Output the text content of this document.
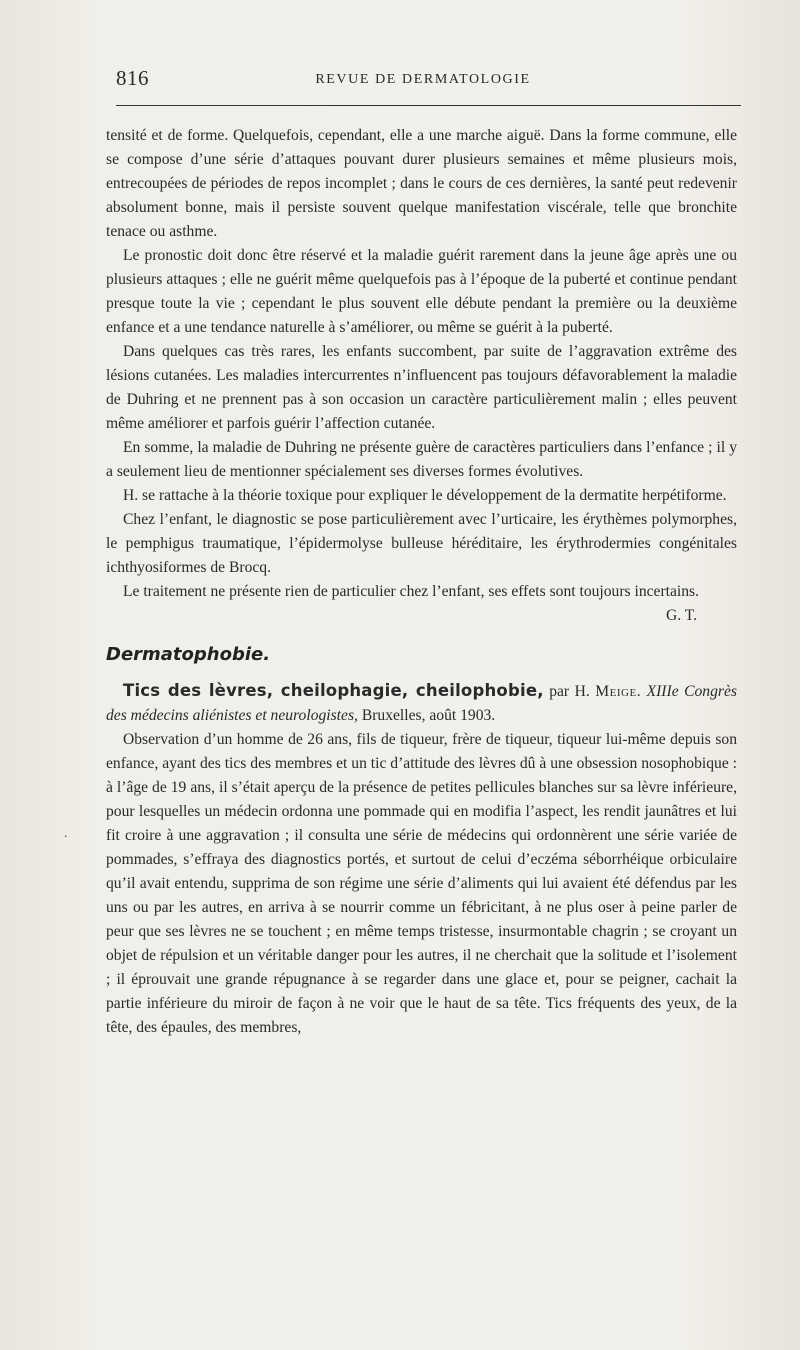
816	REVUE DE DERMATOLOGIE
.

tensité et de forme. Quelquefois, cependant, elle a une marche aiguë. Dans la forme commune, elle se compose d’une série d’attaques pouvant durer plusieurs semaines et même plusieurs mois, entrecoupées de périodes de repos incomplet ; dans le cours de ces dernières, la santé peut redevenir absolument bonne, mais il persiste souvent quelque manifestation viscérale, telle que bronchite tenace ou asthme.

Le pronostic doit donc être réservé et la maladie guérit rarement dans la jeune âge après une ou plusieurs attaques ; elle ne guérit même quelquefois pas à l’époque de la puberté et continue pendant presque toute la vie ; cependant le plus souvent elle débute pendant la première ou la deuxième enfance et a une tendance naturelle à s’améliorer, ou même se guérit à la puberté.

Dans quelques cas très rares, les enfants succombent, par suite de l’aggravation extrême des lésions cutanées. Les maladies intercurrentes n’influencent pas toujours défavorablement la maladie de Duhring et ne prennent pas à son occasion un caractère particulièrement malin ; elles peuvent même améliorer et parfois guérir l’affection cutanée.

En somme, la maladie de Duhring ne présente guère de caractères particuliers dans l’enfance ; il y a seulement lieu de mentionner spécialement ses diverses formes évolutives.

H. se rattache à la théorie toxique pour expliquer le développement de la dermatite herpétiforme.

Chez l’enfant, le diagnostic se pose particulièrement avec l’urticaire, les érythèmes polymorphes, le pemphigus traumatique, l’épidermolyse bulleuse héréditaire, les érythrodermies congénitales ichthyosiformes de Brocq.

Le traitement ne présente rien de particulier chez l’enfant, ses effets sont toujours incertains.

G. T.
Dermatophobie.

Tics des lèvres, cheilophagie, cheilophobie, par H. Meige. XIIIe Congrès des médecins aliénistes et neurologistes, Bruxelles, août 1903.

Observation d’un homme de 26 ans, fils de tiqueur, frère de tiqueur, tiqueur lui-même depuis son enfance, ayant des tics des membres et un tic d’attitude des lèvres dû à une obsession nosophobique : à l’âge de 19 ans, il s’était aperçu de la présence de petites pellicules blanches sur sa lèvre inférieure, pour lesquelles un médecin ordonna une pommade qui en modifia l’aspect, les rendit jaunâtres et lui fit croire à une aggravation ; il consulta une série de médecins qui ordonnèrent une série variée de pommades, s’effraya des diagnostics portés, et surtout de celui d’eczéma séborrhéique orbiculaire qu’il avait entendu, supprima de son régime une série d’aliments qui lui avaient été défendus par les uns ou par les autres, en arriva à se nourrir comme un fébricitant, à ne plus oser à peine parler de peur que ses lèvres ne se touchent ; en même temps tristesse, insurmontable chagrin ; se croyant un objet de répulsion et un véritable danger pour les autres, il ne cherchait que la solitude et l’isolement ; il éprouvait une grande répugnance à se regarder dans une glace et, pour se peigner, cachait la partie inférieure du miroir de façon à ne voir que le haut de sa tête. Tics fréquents des yeux, de la tête, des épaules, des membres,
